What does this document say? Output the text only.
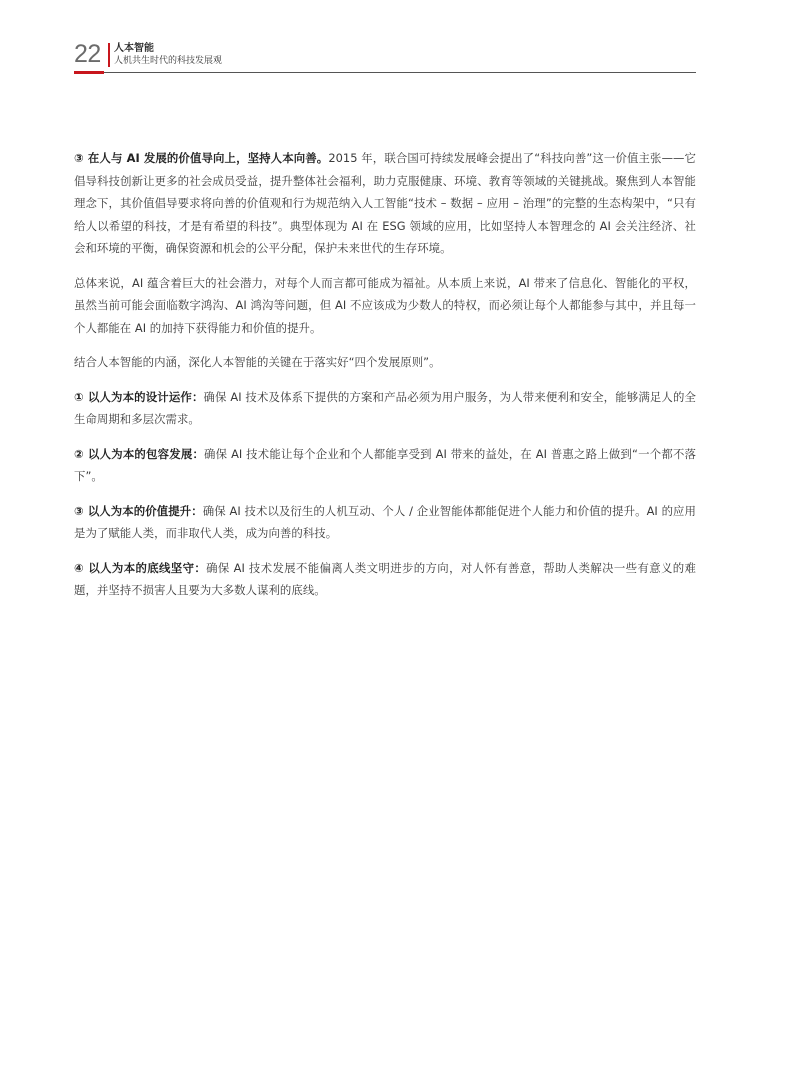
22 人本智能
人机共生时代的科技发展观

③ 在人与 AI 发展的价值导向上，坚持人本向善。2015 年，联合国可持续发展峰会提出了“科技向善”这一价值主张——它倡导科技创新让更多的社会成员受益，提升整体社会福利，助力克服健康、环境、教育等领域的关键挑战。聚焦到人本智能理念下，其价值倡导要求将向善的价值观和行为规范纳入人工智能“技术 – 数据 – 应用 – 治理”的完整的生态构架中，“只有给人以希望的科技，才是有希望的科技”。典型体现为 AI 在 ESG 领域的应用，比如坚持人本智理念的 AI 会关注经济、社会和环境的平衡，确保资源和机会的公平分配，保护未来世代的生存环境。

总体来说，AI 蕴含着巨大的社会潜力，对每个人而言都可能成为福祉。从本质上来说，AI 带来了信息化、智能化的平权，虽然当前可能会面临数字鸿沟、AI 鸿沟等问题，但 AI 不应该成为少数人的特权，而必须让每个人都能参与其中，并且每一个人都能在 AI 的加持下获得能力和价值的提升。

结合人本智能的内涵，深化人本智能的关键在于落实好“四个发展原则”。

① 以人为本的设计运作：确保 AI 技术及体系下提供的方案和产品必须为用户服务，为人带来便利和安全，能够满足人的全生命周期和多层次需求。

② 以人为本的包容发展：确保 AI 技术能让每个企业和个人都能享受到 AI 带来的益处，在 AI 普惠之路上做到“一个都不落下”。

③ 以人为本的价值提升：确保 AI 技术以及衍生的人机互动、个人 / 企业智能体都能促进个人能力和价值的提升。AI 的应用是为了赋能人类，而非取代人类，成为向善的科技。

④ 以人为本的底线坚守：确保 AI 技术发展不能偏离人类文明进步的方向，对人怀有善意，帮助人类解决一些有意义的难题，并坚持不损害人且要为大多数人谋利的底线。
